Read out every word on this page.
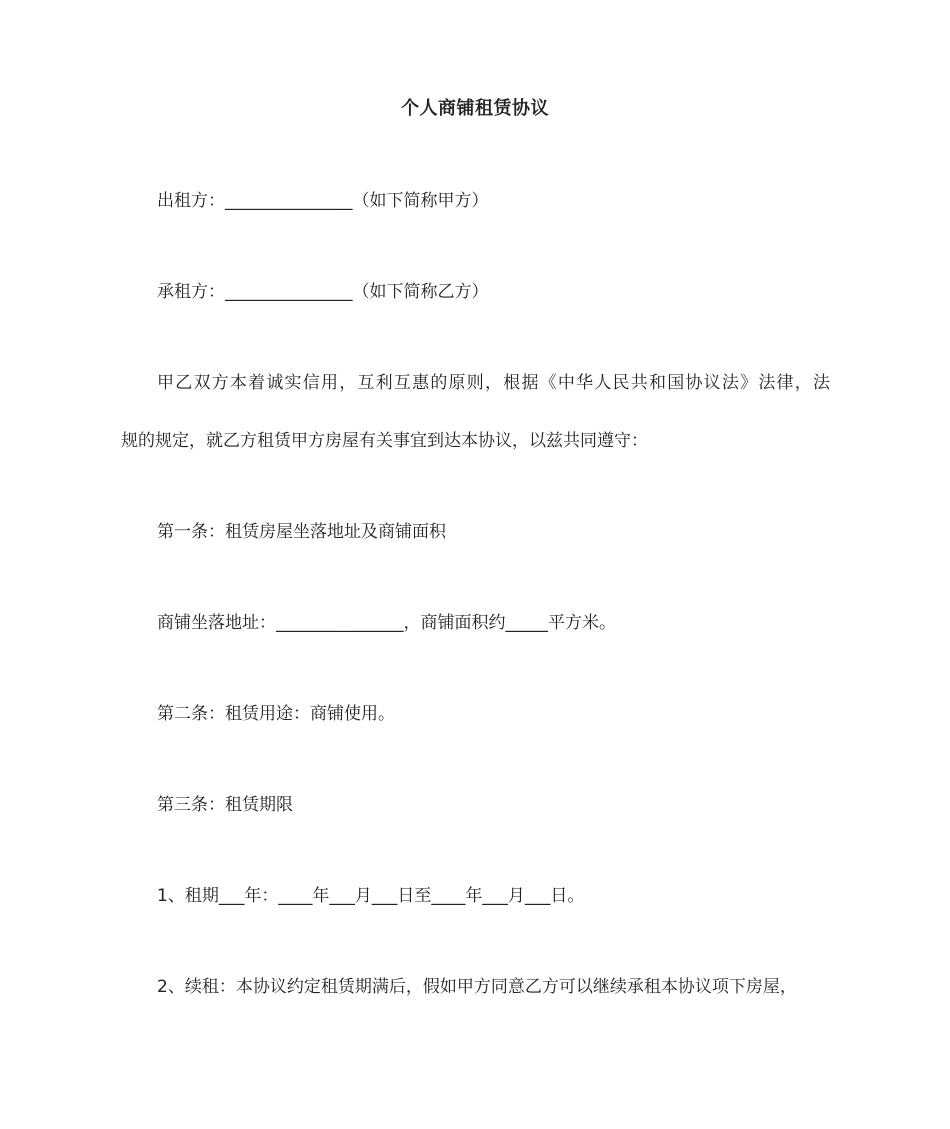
个人商铺租赁协议
出租方：_______________（如下简称甲方）
承租方：_______________（如下简称乙方）
甲乙双方本着诚实信用，互利互惠的原则，根据《中华人民共和国协议法》法律，法
规的规定，就乙方租赁甲方房屋有关事宜到达本协议，以兹共同遵守：
第一条：租赁房屋坐落地址及商铺面积
商铺坐落地址：_______________，商铺面积约_____平方米。
第二条：租赁用途：商铺使用。
第三条：租赁期限
1、租期___年：____年___月___日至____年___月___日。
2、续租：本协议约定租赁期满后，假如甲方同意乙方可以继续承租本协议项下房屋，
